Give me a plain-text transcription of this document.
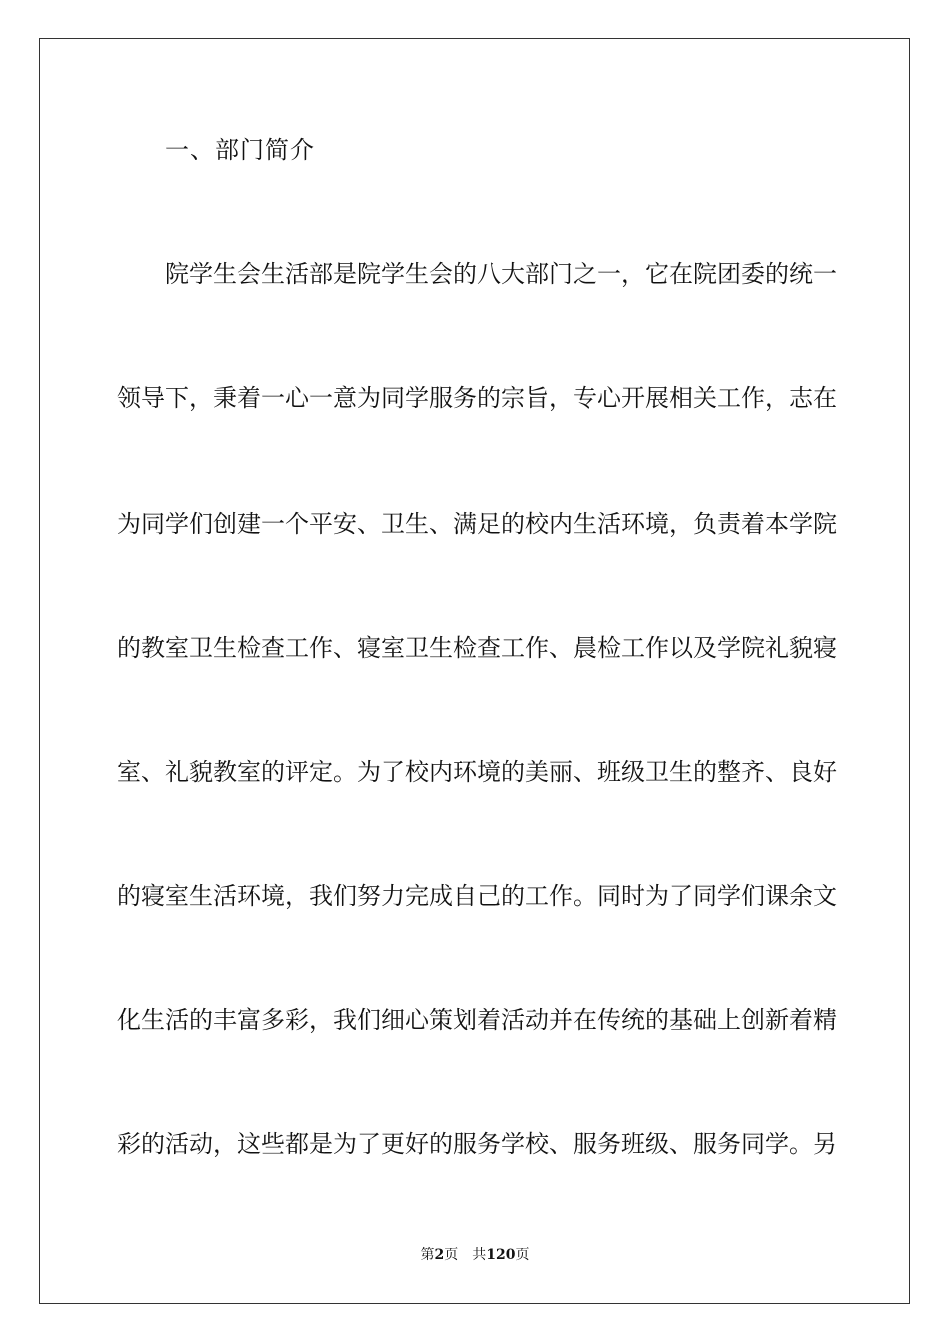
一、部门简介
院学生会生活部是院学生会的八大部门之一，它在院团委的统一
领导下，秉着一心一意为同学服务的宗旨，专心开展相关工作，志在
为同学们创建一个平安、卫生、满足的校内生活环境，负责着本学院
的教室卫生检查工作、寝室卫生检查工作、晨检工作以及学院礼貌寝
室、礼貌教室的评定。为了校内环境的美丽、班级卫生的整齐、良好
的寝室生活环境，我们努力完成自己的工作。同时为了同学们课余文
化生活的丰富多彩，我们细心策划着活动并在传统的基础上创新着精
彩的活动，这些都是为了更好的服务学校、服务班级、服务同学。另
第2页 共120页
